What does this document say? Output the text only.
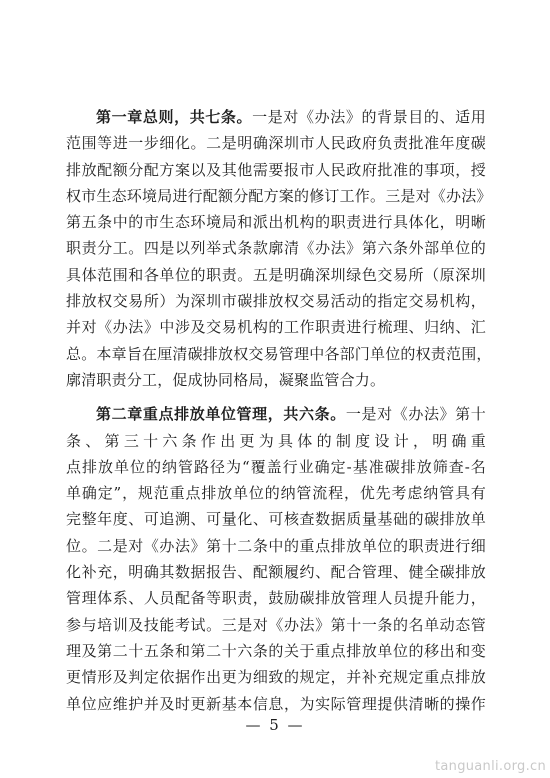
第一章总则，共七条。一是对《办法》的背景目的、适用
范围等进一步细化。二是明确深圳市人民政府负责批准年度碳
排放配额分配方案以及其他需要报市人民政府批准的事项，授
权市生态环境局进行配额分配方案的修订工作。三是对《办法》
第五条中的市生态环境局和派出机构的职责进行具体化，明晰
职责分工。四是以列举式条款廓清《办法》第六条外部单位的
具体范围和各单位的职责。五是明确深圳绿色交易所（原深圳
排放权交易所）为深圳市碳排放权交易活动的指定交易机构，
并对《办法》中涉及交易机构的工作职责进行梳理、归纳、汇
总。本章旨在厘清碳排放权交易管理中各部门单位的权责范围，
廓清职责分工，促成协同格局，凝聚监管合力。
第二章重点排放单位管理，共六条。一是对《办法》第十
条、第三十六条作出更为具体的制度设计，明确重
点排放单位的纳管路径为“覆盖行业确定-基准碳排放筛查-名
单确定”，规范重点排放单位的纳管流程，优先考虑纳管具有
完整年度、可追溯、可量化、可核查数据质量基础的碳排放单
位。二是对《办法》第十二条中的重点排放单位的职责进行细
化补充，明确其数据报告、配额履约、配合管理、健全碳排放
管理体系、人员配备等职责，鼓励碳排放管理人员提升能力，
参与培训及技能考试。三是对《办法》第十一条的名单动态管
理及第二十五条和第二十六条的关于重点排放单位的移出和变
更情形及判定依据作出更为细致的规定，并补充规定重点排放
单位应维护并及时更新基本信息，为实际管理提供清晰的操作
— 5 —
tanguanli.org.cn
